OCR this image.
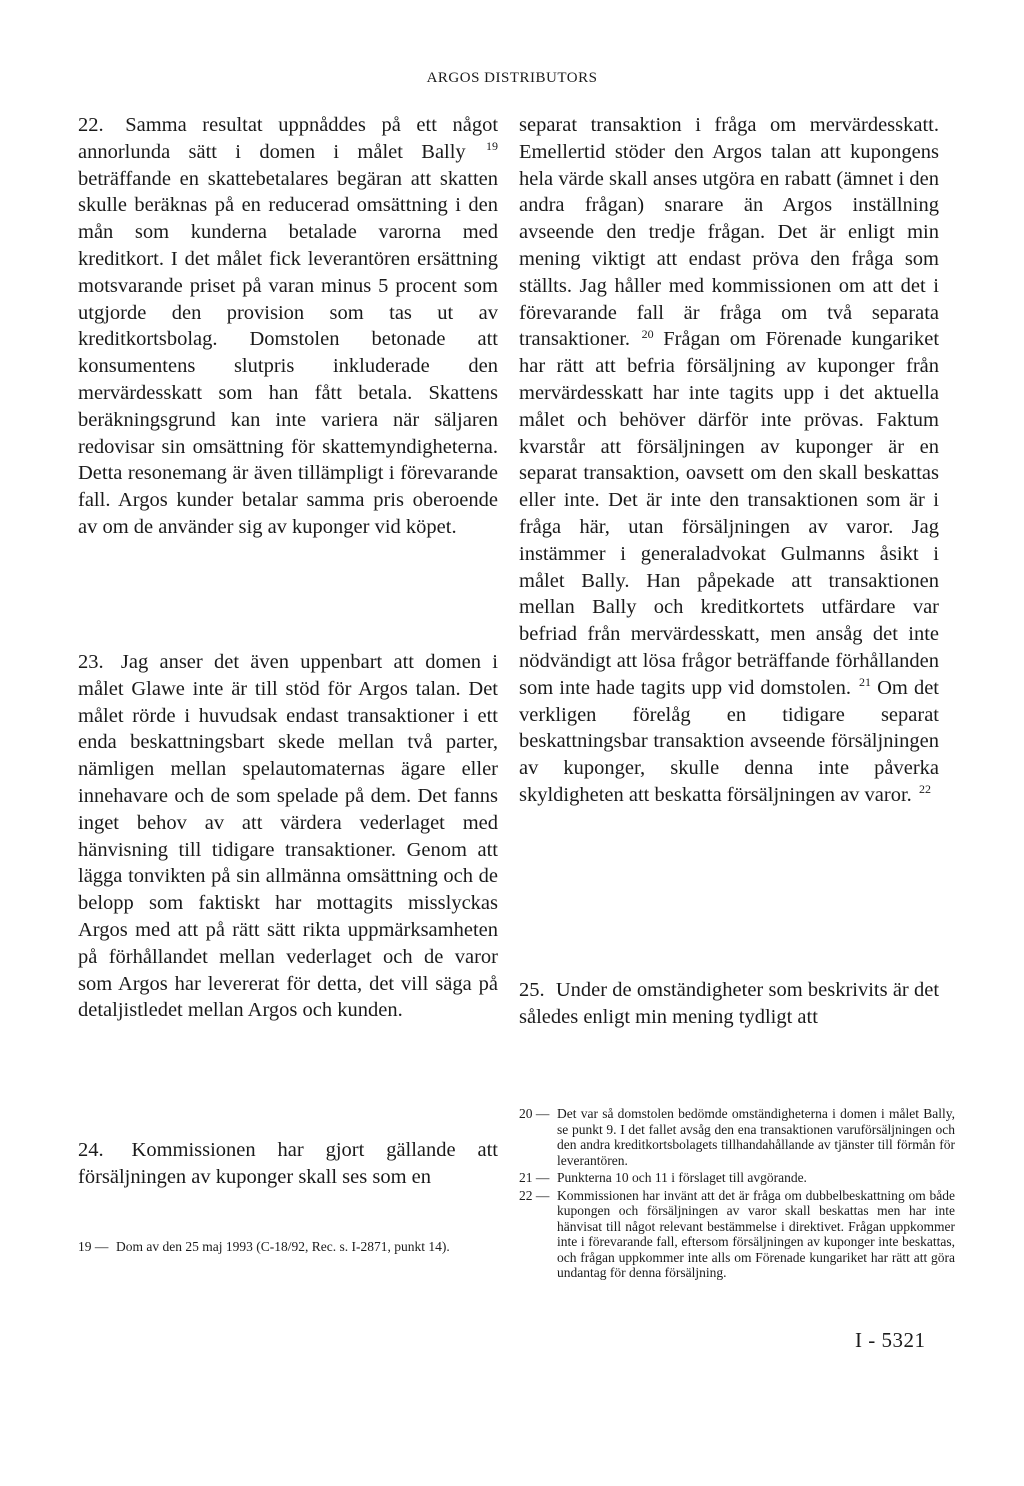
ARGOS DISTRIBUTORS

22. Samma resultat uppnåddes på ett något annorlunda sätt i domen i målet Bally $^{19}$ beträffande en skattebetalares begäran att skatten skulle beräknas på en reducerad omsättning i den mån som kunderna betalade varorna med kreditkort. I det målet fick leverantören ersättning motsvarande priset på varan minus 5 procent som utgjorde den provision som tas ut av kreditkortsbolag. Domstolen betonade att konsumentens slutpris inkluderade den mervärdesskatt som han fått betala. Skattens beräkningsgrund kan inte variera när säljaren redovisar sin omsättning för skattemyndigheterna. Detta resonemang är även tillämpligt i förevarande fall. Argos kunder betalar samma pris oberoende av om de använder sig av kuponger vid köpet.

23. Jag anser det även uppenbart att domen i målet Glawe inte är till stöd för Argos talan. Det målet rörde i huvudsak endast transaktioner i ett enda beskattningsbart skede mellan två parter, nämligen mellan spelautomaternas ägare eller innehavare och de som spelade på dem. Det fanns inget behov av att värdera vederlaget med hänvisning till tidigare transaktioner. Genom att lägga tonvikten på sin allmänna omsättning och de belopp som faktiskt har mottagits misslyckas Argos med att på rätt sätt rikta uppmärksamheten på förhållandet mellan vederlaget och de varor som Argos har levererat för detta, det vill säga på detaljistledet mellan Argos och kunden.

24. Kommissionen har gjort gällande att försäljningen av kuponger skall ses som en

separat transaktion i fråga om mervärdesskatt. Emellertid stöder den Argos talan att kupongens hela värde skall anses utgöra en rabatt (ämnet i den andra frågan) snarare än Argos inställning avseende den tredje frågan. Det är enligt min mening viktigt att endast pröva den fråga som ställts. Jag håller med kommissionen om att det i förevarande fall är fråga om två separata transaktioner. $^{20}$ Frågan om Förenade kungariket har rätt att befria försäljning av kuponger från mervärdesskatt har inte tagits upp i det aktuella målet och behöver därför inte prövas. Faktum kvarstår att försäljningen av kuponger är en separat transaktion, oavsett om den skall beskattas eller inte. Det är inte den transaktionen som är i fråga här, utan försäljningen av varor. Jag instämmer i generaladvokat Gulmanns åsikt i målet Bally. Han påpekade att transaktionen mellan Bally och kreditkortets utfärdare var befriad från mervärdesskatt, men ansåg det inte nödvändigt att lösa frågor beträffande förhållanden som inte hade tagits upp vid domstolen. $^{21}$ Om det verkligen förelåg en tidigare separat beskattningsbar transaktion avseende försäljningen av kuponger, skulle denna inte påverka skyldigheten att beskatta försäljningen av varor. $^{22}$

25. Under de omständigheter som beskrivits är det således enligt min mening tydligt att

19 — Dom av den 25 maj 1993 (C-18/92, Rec. s. I-2871, punkt 14).
20 — Det var så domstolen bedömde omständigheterna i domen i målet Bally, se punkt 9. I det fallet avsåg den ena transaktionen varuförsäljningen och den andra kreditkortsbolagets tillhandahållande av tjänster till förmån för leverantören.
21 — Punkterna 10 och 11 i förslaget till avgörande.
22 — Kommissionen har invänt att det är fråga om dubbelbeskattning om både kupongen och försäljningen av varor skall beskattas men har inte hänvisat till något relevant bestämmelse i direktivet. Frågan uppkommer inte i förevarande fall, eftersom försäljningen av kuponger inte beskattas, och frågan uppkommer inte alls om Förenade kungariket har rätt att göra undantag för denna försäljning.
I - 5321
